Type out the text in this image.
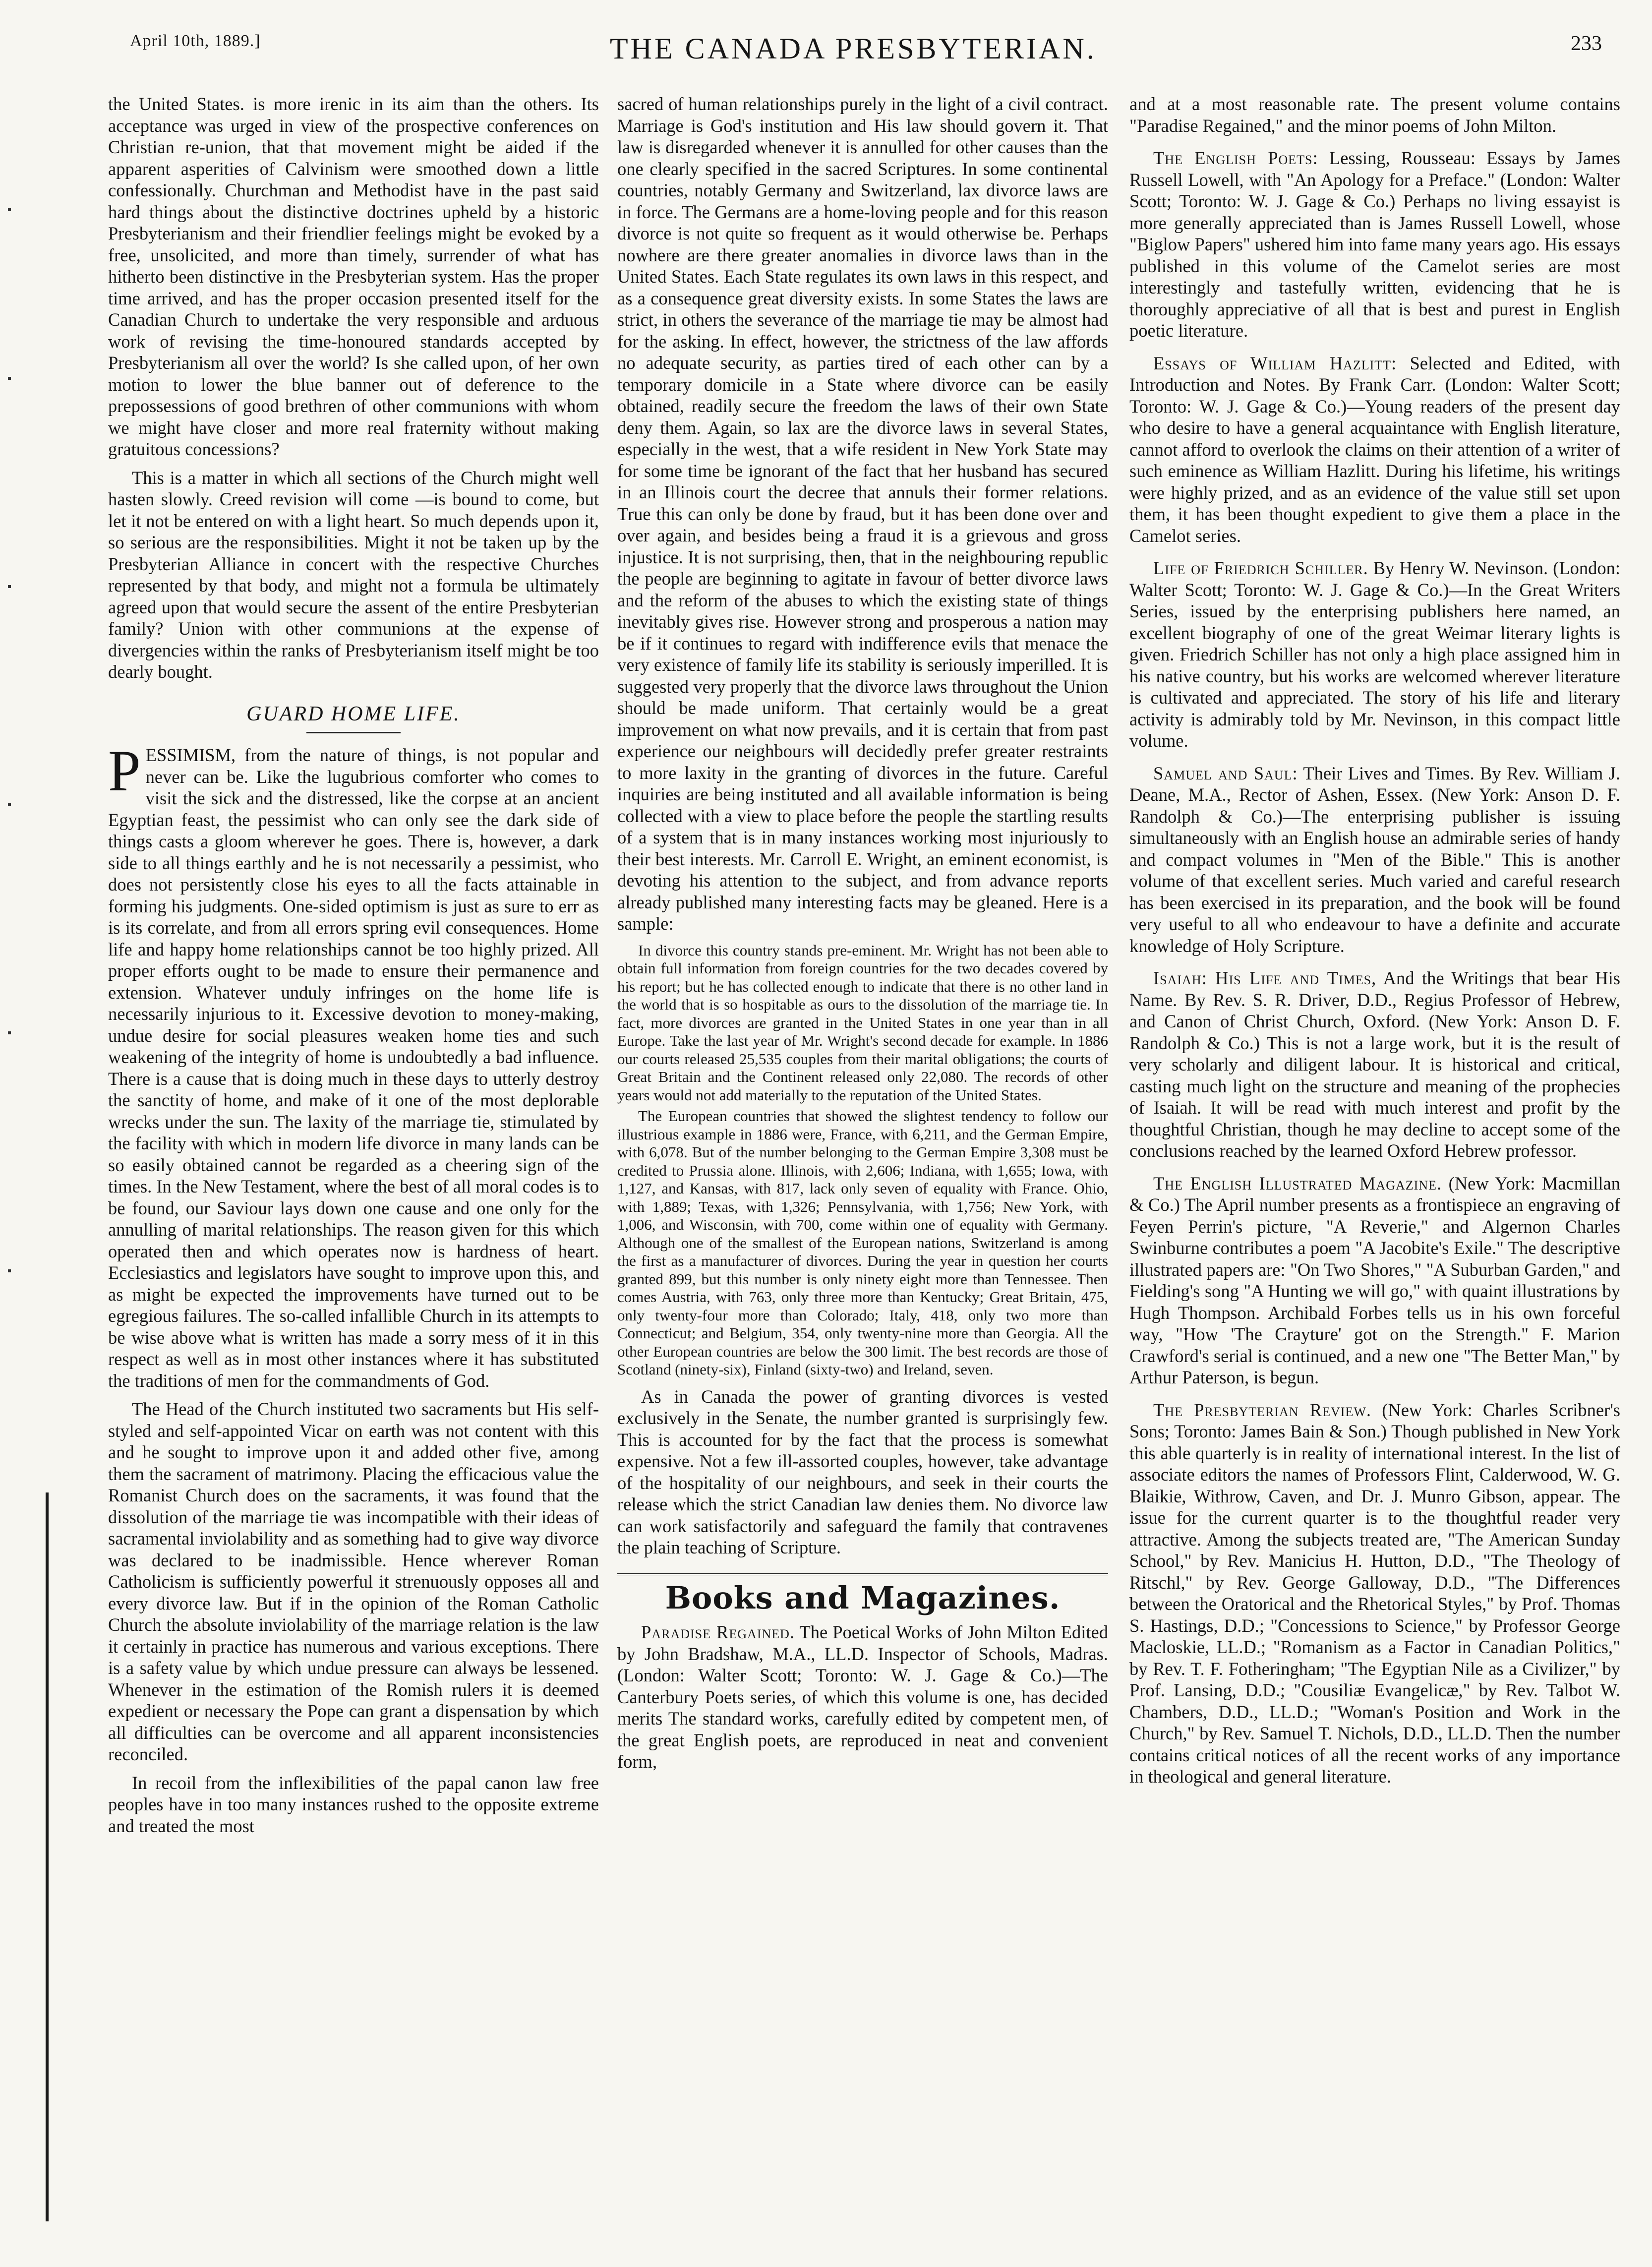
April 10th, 1889.]	THE CANADA PRESBYTERIAN.	233

the United States. is more irenic in its aim than the others. Its acceptance was urged in view of the prospective conferences on Christian re-union, that that movement might be aided if the apparent asperities of Calvinism were smoothed down a little confessionally. Churchman and Methodist have in the past said hard things about the distinctive doctrines upheld by a historic Presbyterianism and their friendlier feelings might be evoked by a free, unsolicited, and more than timely, surrender of what has hitherto been distinctive in the Presbyterian system. Has the proper time arrived, and has the proper occasion presented itself for the Canadian Church to undertake the very responsible and arduous work of revising the time-honoured standards accepted by Presbyterianism all over the world? Is she called upon, of her own motion to lower the blue banner out of deference to the prepossessions of good brethren of other communions with whom we might have closer and more real fraternity without making gratuitous concessions?

This is a matter in which all sections of the Church might well hasten slowly. Creed revision will come —is bound to come, but let it not be entered on with a light heart. So much depends upon it, so serious are the responsibilities. Might it not be taken up by the Presbyterian Alliance in concert with the respective Churches represented by that body, and might not a formula be ultimately agreed upon that would secure the assent of the entire Presbyterian family? Union with other communions at the expense of divergencies within the ranks of Presbyterianism itself might be too dearly bought.

GUARD HOME LIFE.

PESSIMISM, from the nature of things, is not popular and never can be. Like the lugubrious comforter who comes to visit the sick and the distressed, like the corpse at an ancient Egyptian feast, the pessimist who can only see the dark side of things casts a gloom wherever he goes. There is, however, a dark side to all things earthly and he is not necessarily a pessimist, who does not persistently close his eyes to all the facts attainable in forming his judgments. One-sided optimism is just as sure to err as is its correlate, and from all errors spring evil consequences. Home life and happy home relationships cannot be too highly prized. All proper efforts ought to be made to ensure their permanence and extension. Whatever unduly infringes on the home life is necessarily injurious to it. Excessive devotion to money-making, undue desire for social pleasures weaken home ties and such weakening of the integrity of home is undoubtedly a bad influence. There is a cause that is doing much in these days to utterly destroy the sanctity of home, and make of it one of the most deplorable wrecks under the sun. The laxity of the marriage tie, stimulated by the facility with which in modern life divorce in many lands can be so easily obtained cannot be regarded as a cheering sign of the times. In the New Testament, where the best of all moral codes is to be found, our Saviour lays down one cause and one only for the annulling of marital relationships. The reason given for this which operated then and which operates now is hardness of heart. Ecclesiastics and legislators have sought to improve upon this, and as might be expected the improvements have turned out to be egregious failures. The so-called infallible Church in its attempts to be wise above what is written has made a sorry mess of it in this respect as well as in most other instances where it has substituted the traditions of men for the commandments of God.

The Head of the Church instituted two sacraments but His self-styled and self-appointed Vicar on earth was not content with this and he sought to improve upon it and added other five, among them the sacrament of matrimony. Placing the efficacious value the Romanist Church does on the sacraments, it was found that the dissolution of the marriage tie was incompatible with their ideas of sacramental inviolability and as something had to give way divorce was declared to be inadmissible. Hence wherever Roman Catholicism is sufficiently powerful it strenuously opposes all and every divorce law. But if in the opinion of the Roman Catholic Church the absolute inviolability of the marriage relation is the law it certainly in practice has numerous and various exceptions. There is a safety value by which undue pressure can always be lessened. Whenever in the estimation of the Romish rulers it is deemed expedient or necessary the Pope can grant a dispensation by which all difficulties can be overcome and all apparent inconsistencies reconciled.

In recoil from the inflexibilities of the papal canon law free peoples have in too many instances rushed to the opposite extreme and treated the most

sacred of human relationships purely in the light of a civil contract. Marriage is God's institution and His law should govern it. That law is disregarded whenever it is annulled for other causes than the one clearly specified in the sacred Scriptures. In some continental countries, notably Germany and Switzerland, lax divorce laws are in force. The Germans are a home-loving people and for this reason divorce is not quite so frequent as it would otherwise be. Perhaps nowhere are there greater anomalies in divorce laws than in the United States. Each State regulates its own laws in this respect, and as a consequence great diversity exists. In some States the laws are strict, in others the severance of the marriage tie may be almost had for the asking. In effect, however, the strictness of the law affords no adequate security, as parties tired of each other can by a temporary domicile in a State where divorce can be easily obtained, readily secure the freedom the laws of their own State deny them. Again, so lax are the divorce laws in several States, especially in the west, that a wife resident in New York State may for some time be ignorant of the fact that her husband has secured in an Illinois court the decree that annuls their former relations. True this can only be done by fraud, but it has been done over and over again, and besides being a fraud it is a grievous and gross injustice. It is not surprising, then, that in the neighbouring republic the people are beginning to agitate in favour of better divorce laws and the reform of the abuses to which the existing state of things inevitably gives rise. However strong and prosperous a nation may be if it continues to regard with indifference evils that menace the very existence of family life its stability is seriously imperilled. It is suggested very properly that the divorce laws throughout the Union should be made uniform. That certainly would be a great improvement on what now prevails, and it is certain that from past experience our neighbours will decidedly prefer greater restraints to more laxity in the granting of divorces in the future. Careful inquiries are being instituted and all available information is being collected with a view to place before the people the startling results of a system that is in many instances working most injuriously to their best interests. Mr. Carroll E. Wright, an eminent economist, is devoting his attention to the subject, and from advance reports already published many interesting facts may be gleaned. Here is a sample:

In divorce this country stands pre-eminent. Mr. Wright has not been able to obtain full information from foreign countries for the two decades covered by his report; but he has collected enough to indicate that there is no other land in the world that is so hospitable as ours to the dissolution of the marriage tie. In fact, more divorces are granted in the United States in one year than in all Europe. Take the last year of Mr. Wright's second decade for example. In 1886 our courts released 25,535 couples from their marital obligations; the courts of Great Britain and the Continent released only 22,080. The records of other years would not add materially to the reputation of the United States.

The European countries that showed the slightest tendency to follow our illustrious example in 1886 were, France, with 6,211, and the German Empire, with 6,078. But of the number belonging to the German Empire 3,308 must be credited to Prussia alone. Illinois, with 2,606; Indiana, with 1,655; Iowa, with 1,127, and Kansas, with 817, lack only seven of equality with France. Ohio, with 1,889; Texas, with 1,326; Pennsylvania, with 1,756; New York, with 1,006, and Wisconsin, with 700, come within one of equality with Germany. Although one of the smallest of the European nations, Switzerland is among the first as a manufacturer of divorces. During the year in question her courts granted 899, but this number is only ninety eight more than Tennessee. Then comes Austria, with 763, only three more than Kentucky; Great Britain, 475, only twenty-four more than Colorado; Italy, 418, only two more than Connecticut; and Belgium, 354, only twenty-nine more than Georgia. All the other European countries are below the 300 limit. The best records are those of Scotland (ninety-six), Finland (sixty-two) and Ireland, seven.

As in Canada the power of granting divorces is vested exclusively in the Senate, the number granted is surprisingly few. This is accounted for by the fact that the process is somewhat expensive. Not a few ill-assorted couples, however, take advantage of the hospitality of our neighbours, and seek in their courts the release which the strict Canadian law denies them. No divorce law can work satisfactorily and safeguard the family that contravenes the plain teaching of Scripture.

Books and Magazines.

Paradise Regained. The Poetical Works of John Milton Edited by John Bradshaw, M.A., LL.D. Inspector of Schools, Madras. (London: Walter Scott; Toronto: W. J. Gage & Co.)—The Canterbury Poets series, of which this volume is one, has decided merits The standard works, carefully edited by competent men, of the great English poets, are reproduced in neat and convenient form,

and at a most reasonable rate. The present volume contains "Paradise Regained," and the minor poems of John Milton.

The English Poets: Lessing, Rousseau: Essays by James Russell Lowell, with "An Apology for a Preface." (London: Walter Scott; Toronto: W. J. Gage & Co.) Perhaps no living essayist is more generally appreciated than is James Russell Lowell, whose "Biglow Papers" ushered him into fame many years ago. His essays published in this volume of the Camelot series are most interestingly and tastefully written, evidencing that he is thoroughly appreciative of all that is best and purest in English poetic literature.

Essays of William Hazlitt: Selected and Edited, with Introduction and Notes. By Frank Carr. (London: Walter Scott; Toronto: W. J. Gage & Co.)—Young readers of the present day who desire to have a general acquaintance with English literature, cannot afford to overlook the claims on their attention of a writer of such eminence as William Hazlitt. During his lifetime, his writings were highly prized, and as an evidence of the value still set upon them, it has been thought expedient to give them a place in the Camelot series.

Life of Friedrich Schiller. By Henry W. Nevinson. (London: Walter Scott; Toronto: W. J. Gage & Co.)—In the Great Writers Series, issued by the enterprising publishers here named, an excellent biography of one of the great Weimar literary lights is given. Friedrich Schiller has not only a high place assigned him in his native country, but his works are welcomed wherever literature is cultivated and appreciated. The story of his life and literary activity is admirably told by Mr. Nevinson, in this compact little volume.

Samuel and Saul: Their Lives and Times. By Rev. William J. Deane, M.A., Rector of Ashen, Essex. (New York: Anson D. F. Randolph & Co.)—The enterprising publisher is issuing simultaneously with an English house an admirable series of handy and compact volumes in "Men of the Bible." This is another volume of that excellent series. Much varied and careful research has been exercised in its preparation, and the book will be found very useful to all who endeavour to have a definite and accurate knowledge of Holy Scripture.

Isaiah: His Life and Times, And the Writings that bear His Name. By Rev. S. R. Driver, D.D., Regius Professor of Hebrew, and Canon of Christ Church, Oxford. (New York: Anson D. F. Randolph & Co.) This is not a large work, but it is the result of very scholarly and diligent labour. It is historical and critical, casting much light on the structure and meaning of the prophecies of Isaiah. It will be read with much interest and profit by the thoughtful Christian, though he may decline to accept some of the conclusions reached by the learned Oxford Hebrew professor.

The English Illustrated Magazine. (New York: Macmillan & Co.) The April number presents as a frontispiece an engraving of Feyen Perrin's picture, "A Reverie," and Algernon Charles Swinburne contributes a poem "A Jacobite's Exile." The descriptive illustrated papers are: "On Two Shores," "A Suburban Garden," and Fielding's song "A Hunting we will go," with quaint illustrations by Hugh Thompson. Archibald Forbes tells us in his own forceful way, "How 'The Crayture' got on the Strength." F. Marion Crawford's serial is continued, and a new one "The Better Man," by Arthur Paterson, is begun.

The Presbyterian Review. (New York: Charles Scribner's Sons; Toronto: James Bain & Son.) Though published in New York this able quarterly is in reality of international interest. In the list of associate editors the names of Professors Flint, Calderwood, W. G. Blaikie, Withrow, Caven, and Dr. J. Munro Gibson, appear. The issue for the current quarter is to the thoughtful reader very attractive. Among the subjects treated are, "The American Sunday School," by Rev. Manicius H. Hutton, D.D., "The Theology of Ritschl," by Rev. George Galloway, D.D., "The Differences between the Oratorical and the Rhetorical Styles," by Prof. Thomas S. Hastings, D.D.; "Concessions to Science," by Professor George Macloskie, LL.D.; "Romanism as a Factor in Canadian Politics," by Rev. T. F. Fotheringham; "The Egyptian Nile as a Civilizer," by Prof. Lansing, D.D.; "Cousiliæ Evangelicæ," by Rev. Talbot W. Chambers, D.D., LL.D.; "Woman's Position and Work in the Church," by Rev. Samuel T. Nichols, D.D., LL.D. Then the number contains critical notices of all the recent works of any importance in theological and general literature.
